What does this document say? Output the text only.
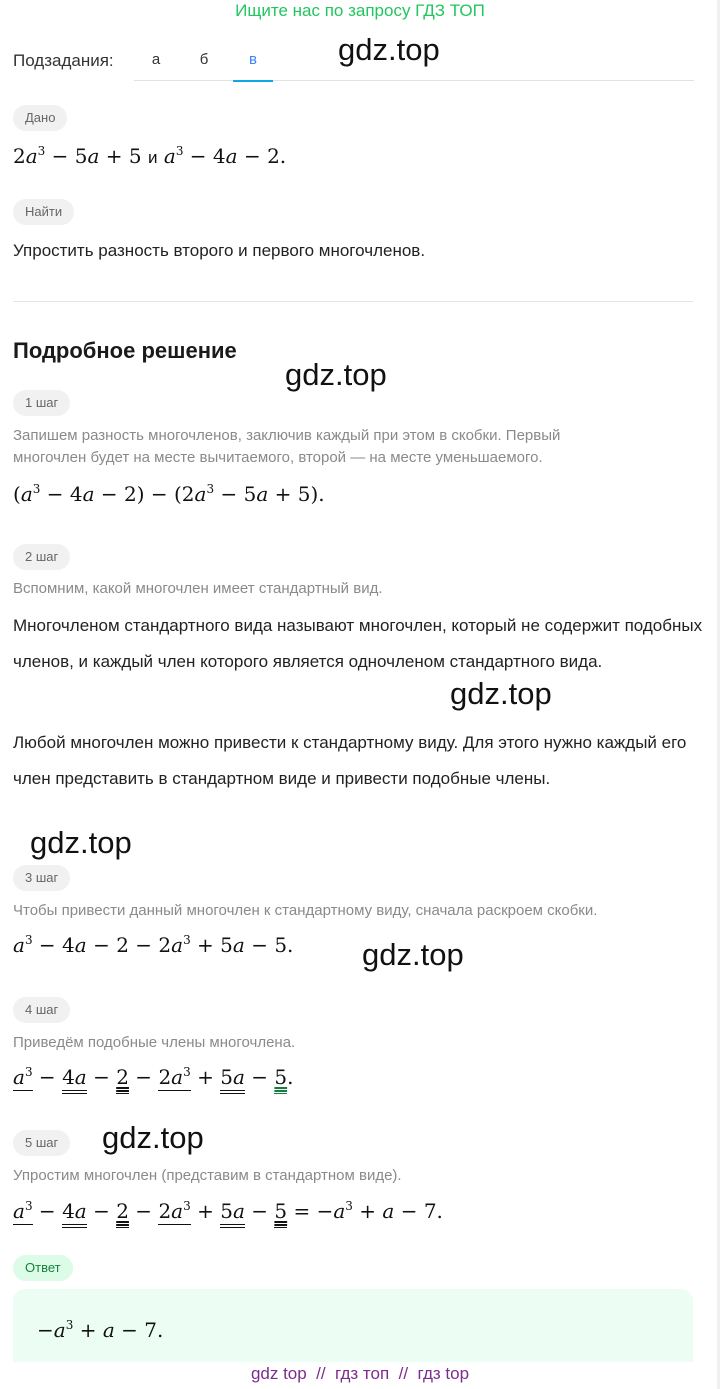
Ищите нас по запросу ГДЗ ТОП
Подзадания:	а	б	в	gdz.top
gdz.top
gdz.top
gdz.top
gdz.top
gdz.top
Дано
$2a^3 - 5a + 5$ и $a^3 - 4a - 2$.
Найти
Упростить разность второго и первого многочленов.
Подробное решение
1 шаг
Запишем разность многочленов, заключив каждый при этом в скобки. Первый
многочлен будет на месте вычитаемого, второй — на месте уменьшаемого.
$(a^3 - 4a - 2) - (2a^3 - 5a + 5)$.
2 шаг
Вспомним, какой многочлен имеет стандартный вид.
Многочленом стандартного вида называют многочлен, который не содержит подобных членов, и каждый член которого является одночленом стандартного вида.
Любой многочлен можно привести к стандартному виду. Для этого нужно каждый его член представить в стандартном виде и привести подобные члены.
3 шаг
Чтобы привести данный многочлен к стандартному виду, сначала раскроем скобки.
$a^3 - 4a - 2 - 2a^3 + 5a - 5$.
4 шаг
Приведём подобные члены многочлена.
$a^3 - 4a - 2 - 2a^3 + 5a - 5$.
5 шаг
Упростим многочлен (представим в стандартном виде).
$a^3 - 4a - 2 - 2a^3 + 5a - 5 = -a^3 + a - 7$.
Ответ
$-a^3 + a - 7$.
gdz top  //  гдз топ  //  гдз top
